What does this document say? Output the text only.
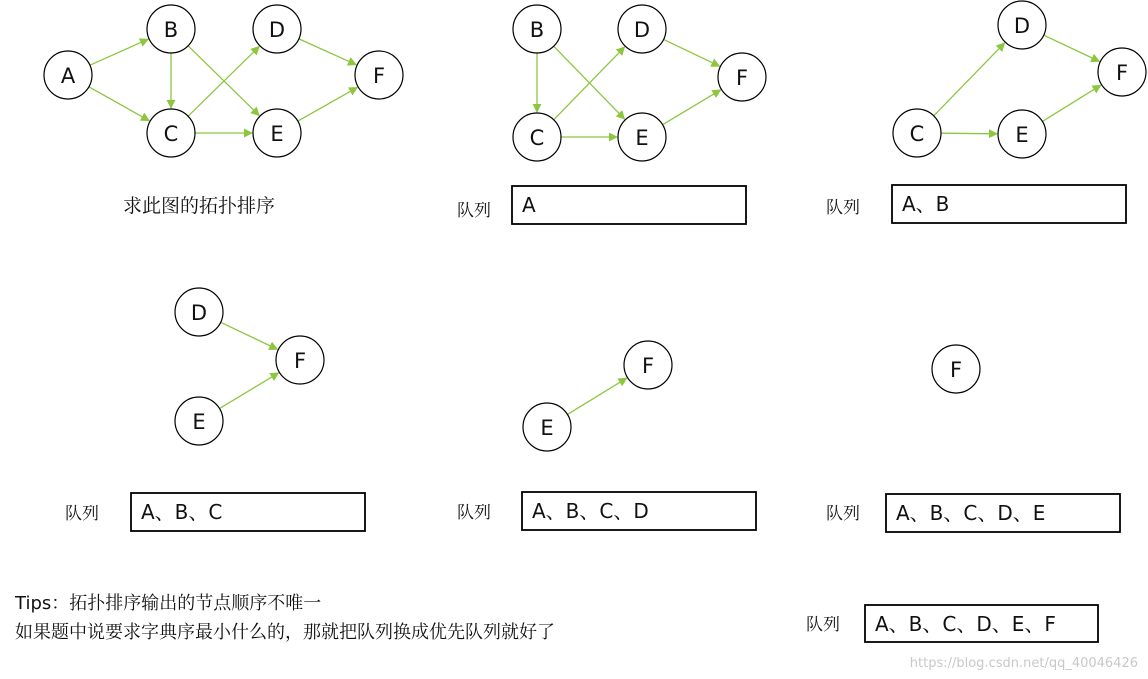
A
B
C
D
E
F
B
C
D
E
F
队列 A
C
D
E
F
队列 A、B
D
E
F
队列 A、B、C
E
F
队列 A、B、C、D
F
队列 A、B、C、D、E
求此图的拓扑排序
队列 A、B、C、D、E、F
Tips：拓扑排序输出的节点顺序不唯一
如果题中说要求字典序最小什么的，那就把队列换成优先队列就好了
https://blog.csdn.net/qq_40046426
